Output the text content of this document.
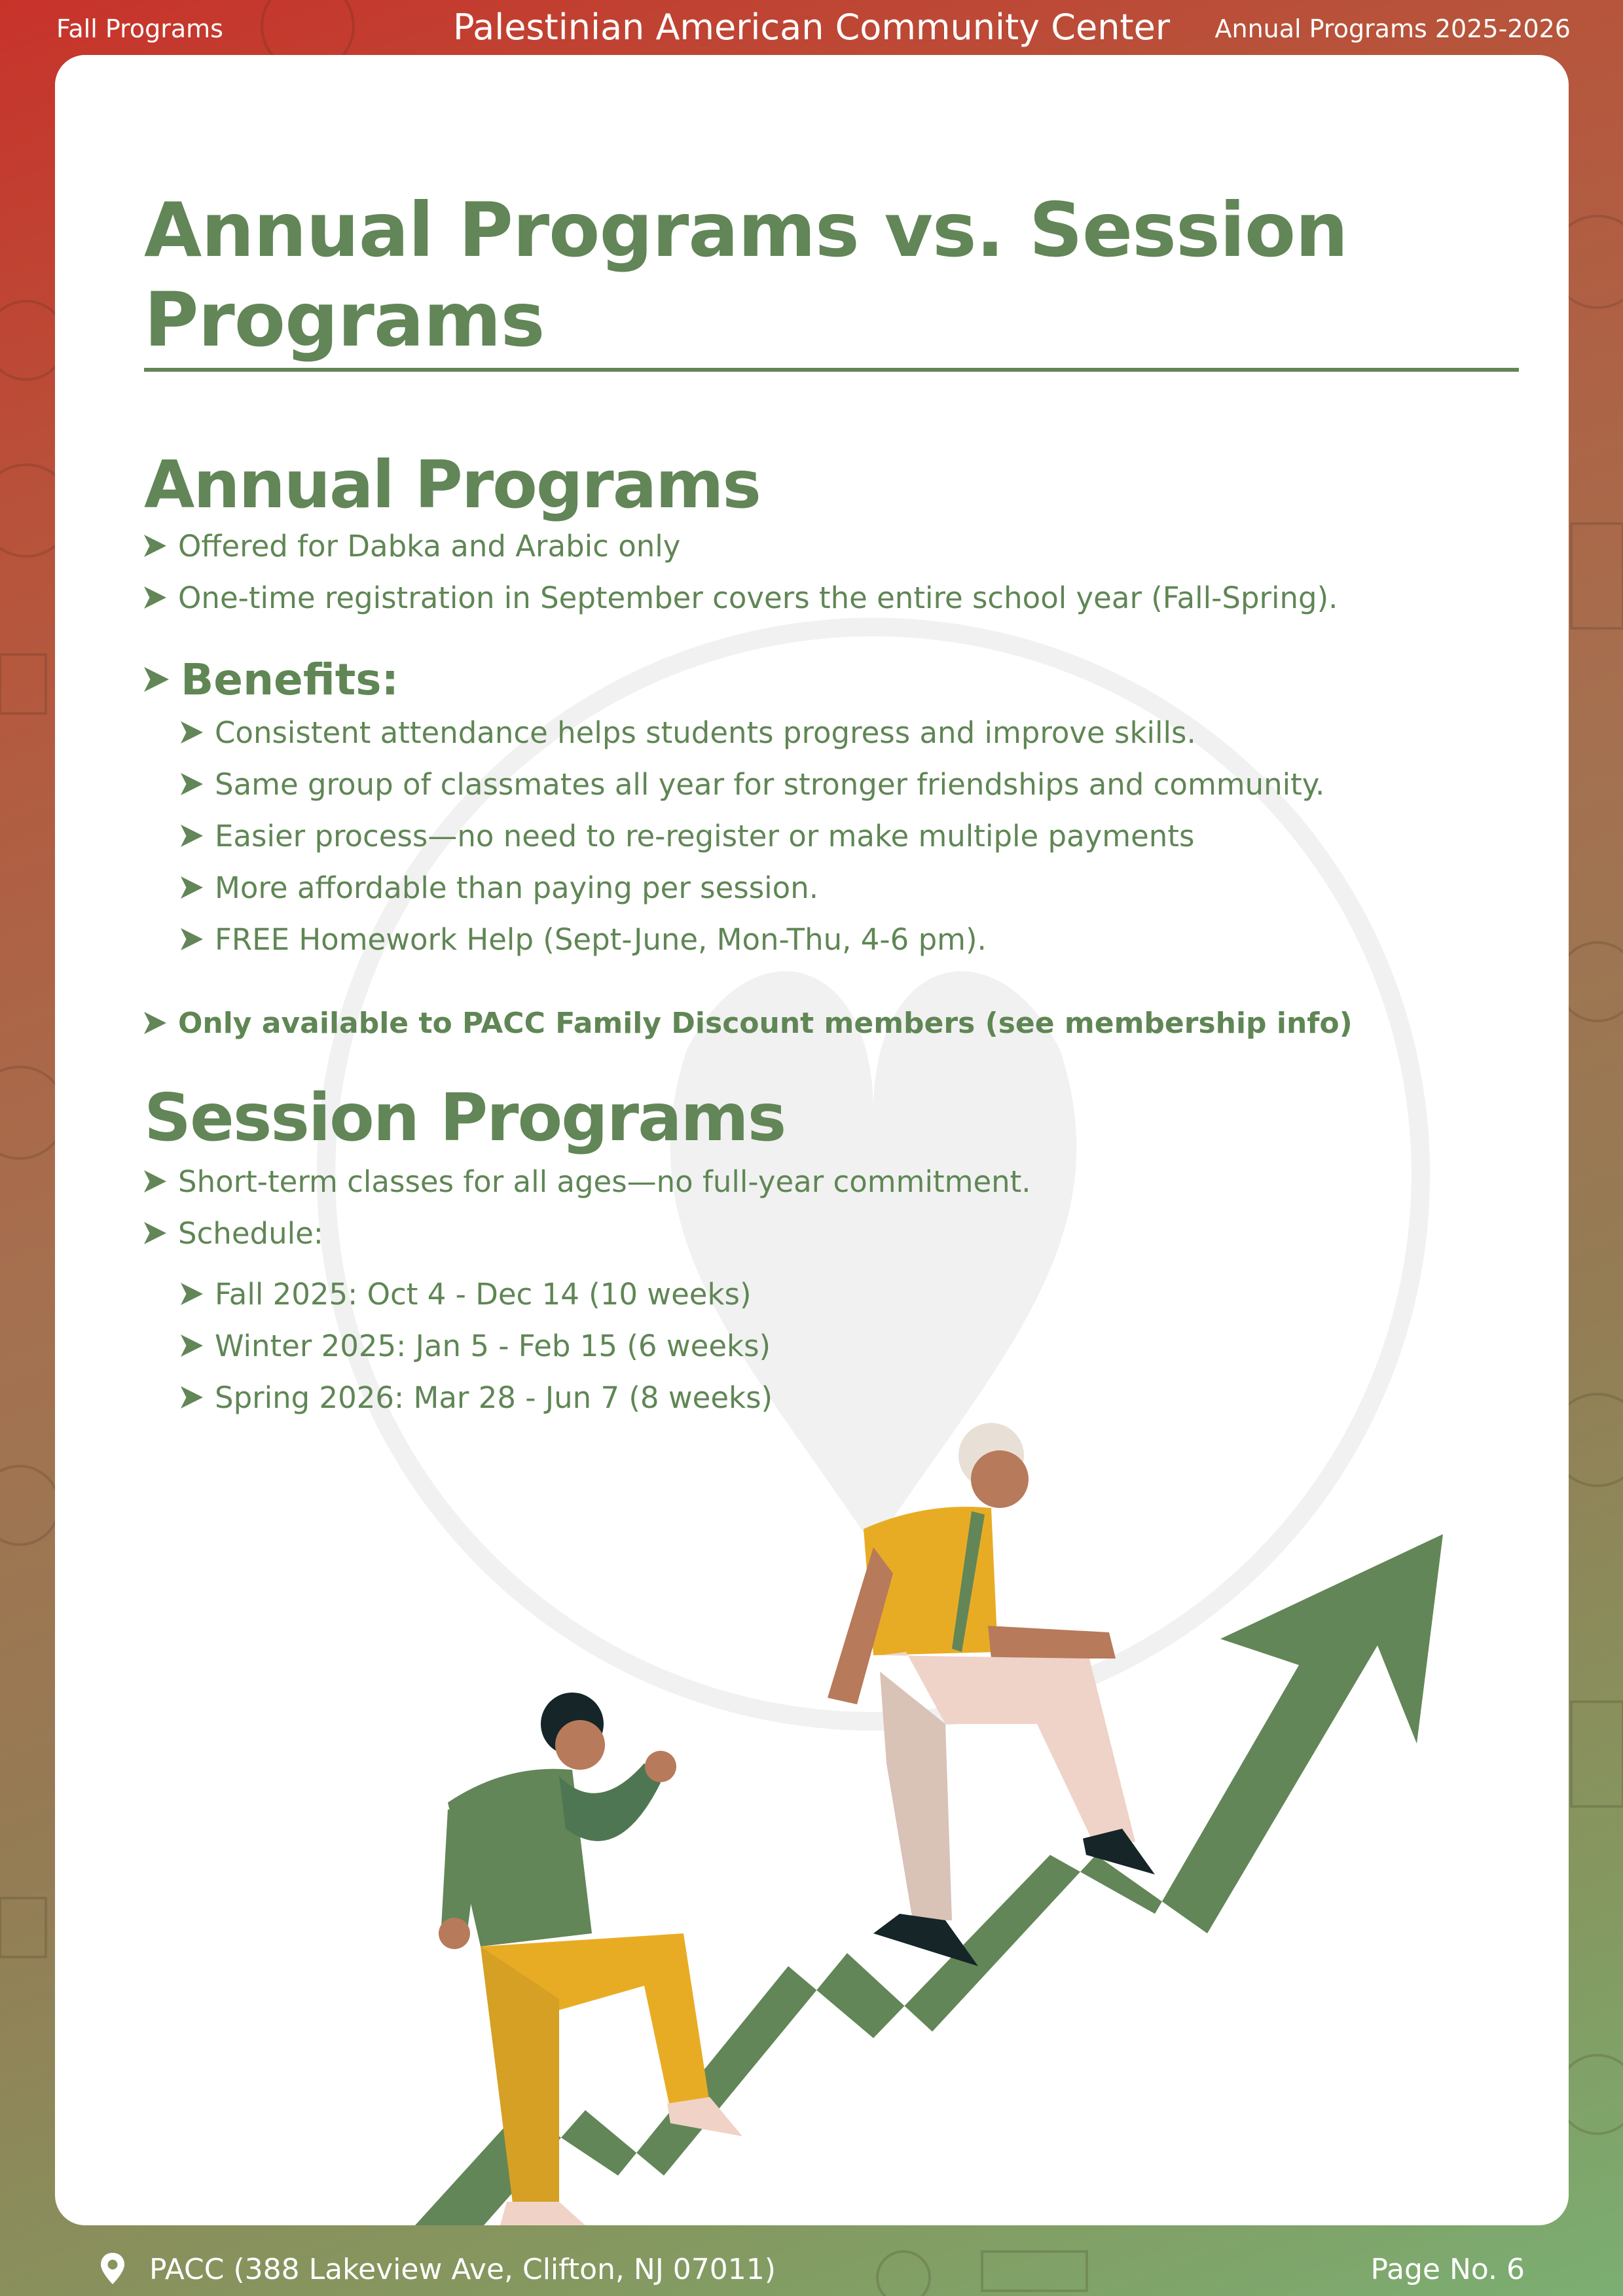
Fall Programs	Palestinian American Community Center	Annual Programs 2025-2026
Annual Programs vs. Session Programs
Annual Programs
Offered for Dabka and Arabic only
One-time registration in September covers the entire school year (Fall-Spring).
Benefits:
Consistent attendance helps students progress and improve skills.
Same group of classmates all year for stronger friendships and community.
Easier process—no need to re-register or make multiple payments
More affordable than paying per session.
FREE Homework Help (Sept-June, Mon-Thu, 4-6 pm).
Only available to PACC Family Discount members (see membership info)
Session Programs
Short-term classes for all ages—no full-year commitment.
Schedule:
Fall 2025: Oct 4 - Dec 14 (10 weeks)
Winter 2025: Jan 5 - Feb 15 (6 weeks)
Spring 2026: Mar 28 - Jun 7 (8 weeks)
PACC (388 Lakeview Ave, Clifton, NJ 07011)	Page No. 6
